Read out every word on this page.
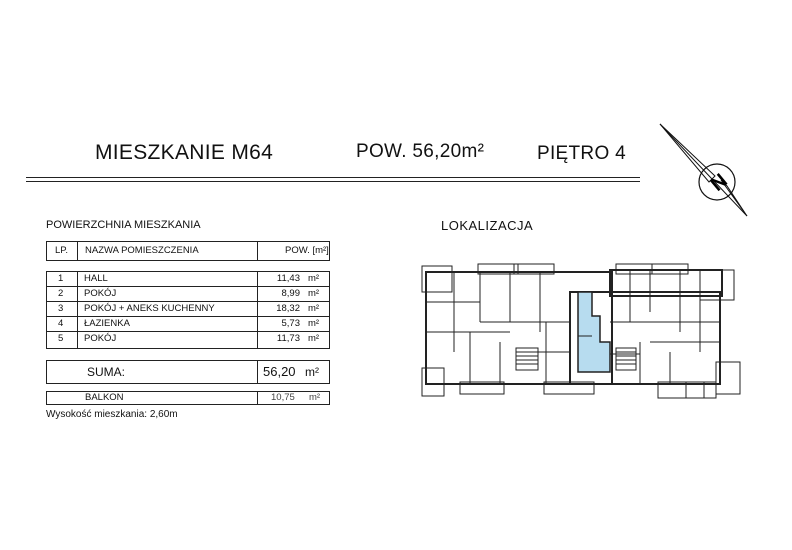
MIESZKANIE M64	POW. 56,20m²	PIĘTRO 4
N
POWIERZCHNIA MIESZKANIA
LP. NAZWA POMIESZCZENIA	POW. [m²]
1 HALL	11,43 m²
2 POKÓJ	8,99 m²
3 POKÓJ + ANEKS KUCHENNY	18,32 m²
4 ŁAZIENKA	5,73 m²
5 POKÓJ	11,73 m²
SUMA:	56,20 m²
BALKON	10,75 m²
Wysokość mieszkania: 2,60m
LOKALIZACJA
